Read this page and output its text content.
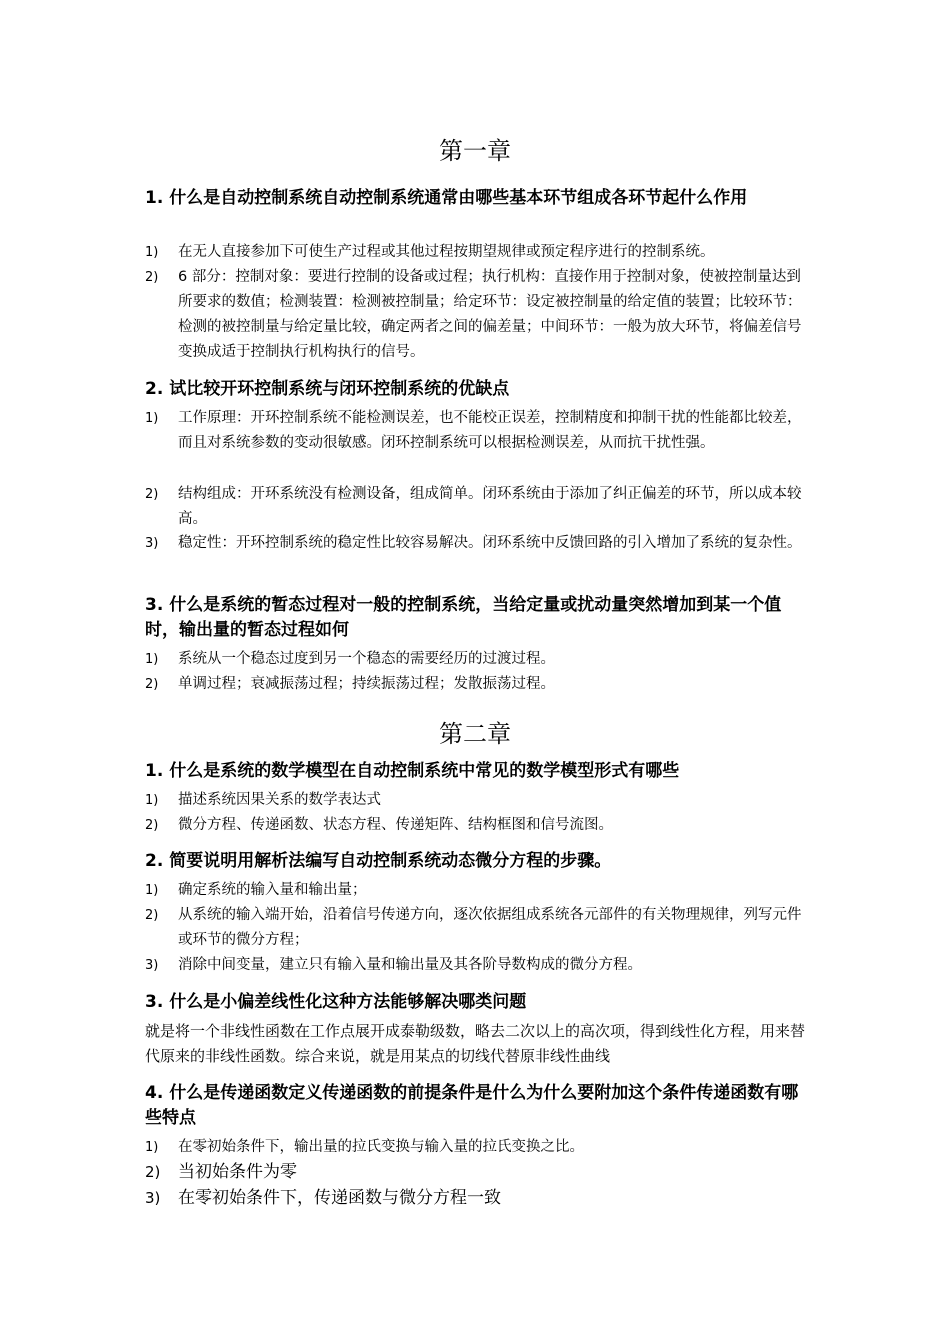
第一章

1. 什么是自动控制系统自动控制系统通常由哪些基本环节组成各环节起什么作用

1) 在无人直接参加下可使生产过程或其他过程按期望规律或预定程序进行的控制系统。
2) 6 部分：控制对象：要进行控制的设备或过程；执行机构：直接作用于控制对象，使被控制量达到所要求的数值；检测装置：检测被控制量；给定环节：设定被控制量的给定值的装置；比较环节：检测的被控制量与给定量比较，确定两者之间的偏差量；中间环节：一般为放大环节，将偏差信号变换成适于控制执行机构执行的信号。

2. 试比较开环控制系统与闭环控制系统的优缺点

1) 工作原理：开环控制系统不能检测误差，也不能校正误差，控制精度和抑制干扰的性能都比较差，而且对系统参数的变动很敏感。闭环控制系统可以根据检测误差，从而抗干扰性强。
2) 结构组成：开环系统没有检测设备，组成简单。闭环系统由于添加了纠正偏差的环节，所以成本较高。
3) 稳定性：开环控制系统的稳定性比较容易解决。闭环系统中反馈回路的引入增加了系统的复杂性。

3. 什么是系统的暂态过程对一般的控制系统，当给定量或扰动量突然增加到某一个值时，输出量的暂态过程如何

1) 系统从一个稳态过度到另一个稳态的需要经历的过渡过程。
2) 单调过程；衰减振荡过程；持续振荡过程；发散振荡过程。
第二章

1. 什么是系统的数学模型在自动控制系统中常见的数学模型形式有哪些

1) 描述系统因果关系的数学表达式
2) 微分方程、传递函数、状态方程、传递矩阵、结构框图和信号流图。

2. 简要说明用解析法编写自动控制系统动态微分方程的步骤。

1) 确定系统的输入量和输出量；
2) 从系统的输入端开始，沿着信号传递方向，逐次依据组成系统各元部件的有关物理规律，列写元件或环节的微分方程；
3) 消除中间变量，建立只有输入量和输出量及其各阶导数构成的微分方程。

3. 什么是小偏差线性化这种方法能够解决哪类问题

就是将一个非线性函数在工作点展开成泰勒级数，略去二次以上的高次项，得到线性化方程，用来替代原来的非线性函数。综合来说，就是用某点的切线代替原非线性曲线

4. 什么是传递函数定义传递函数的前提条件是什么为什么要附加这个条件传递函数有哪些特点

1) 在零初始条件下，输出量的拉氏变换与输入量的拉氏变换之比。
2) 当初始条件为零
3) 在零初始条件下，传递函数与微分方程一致
